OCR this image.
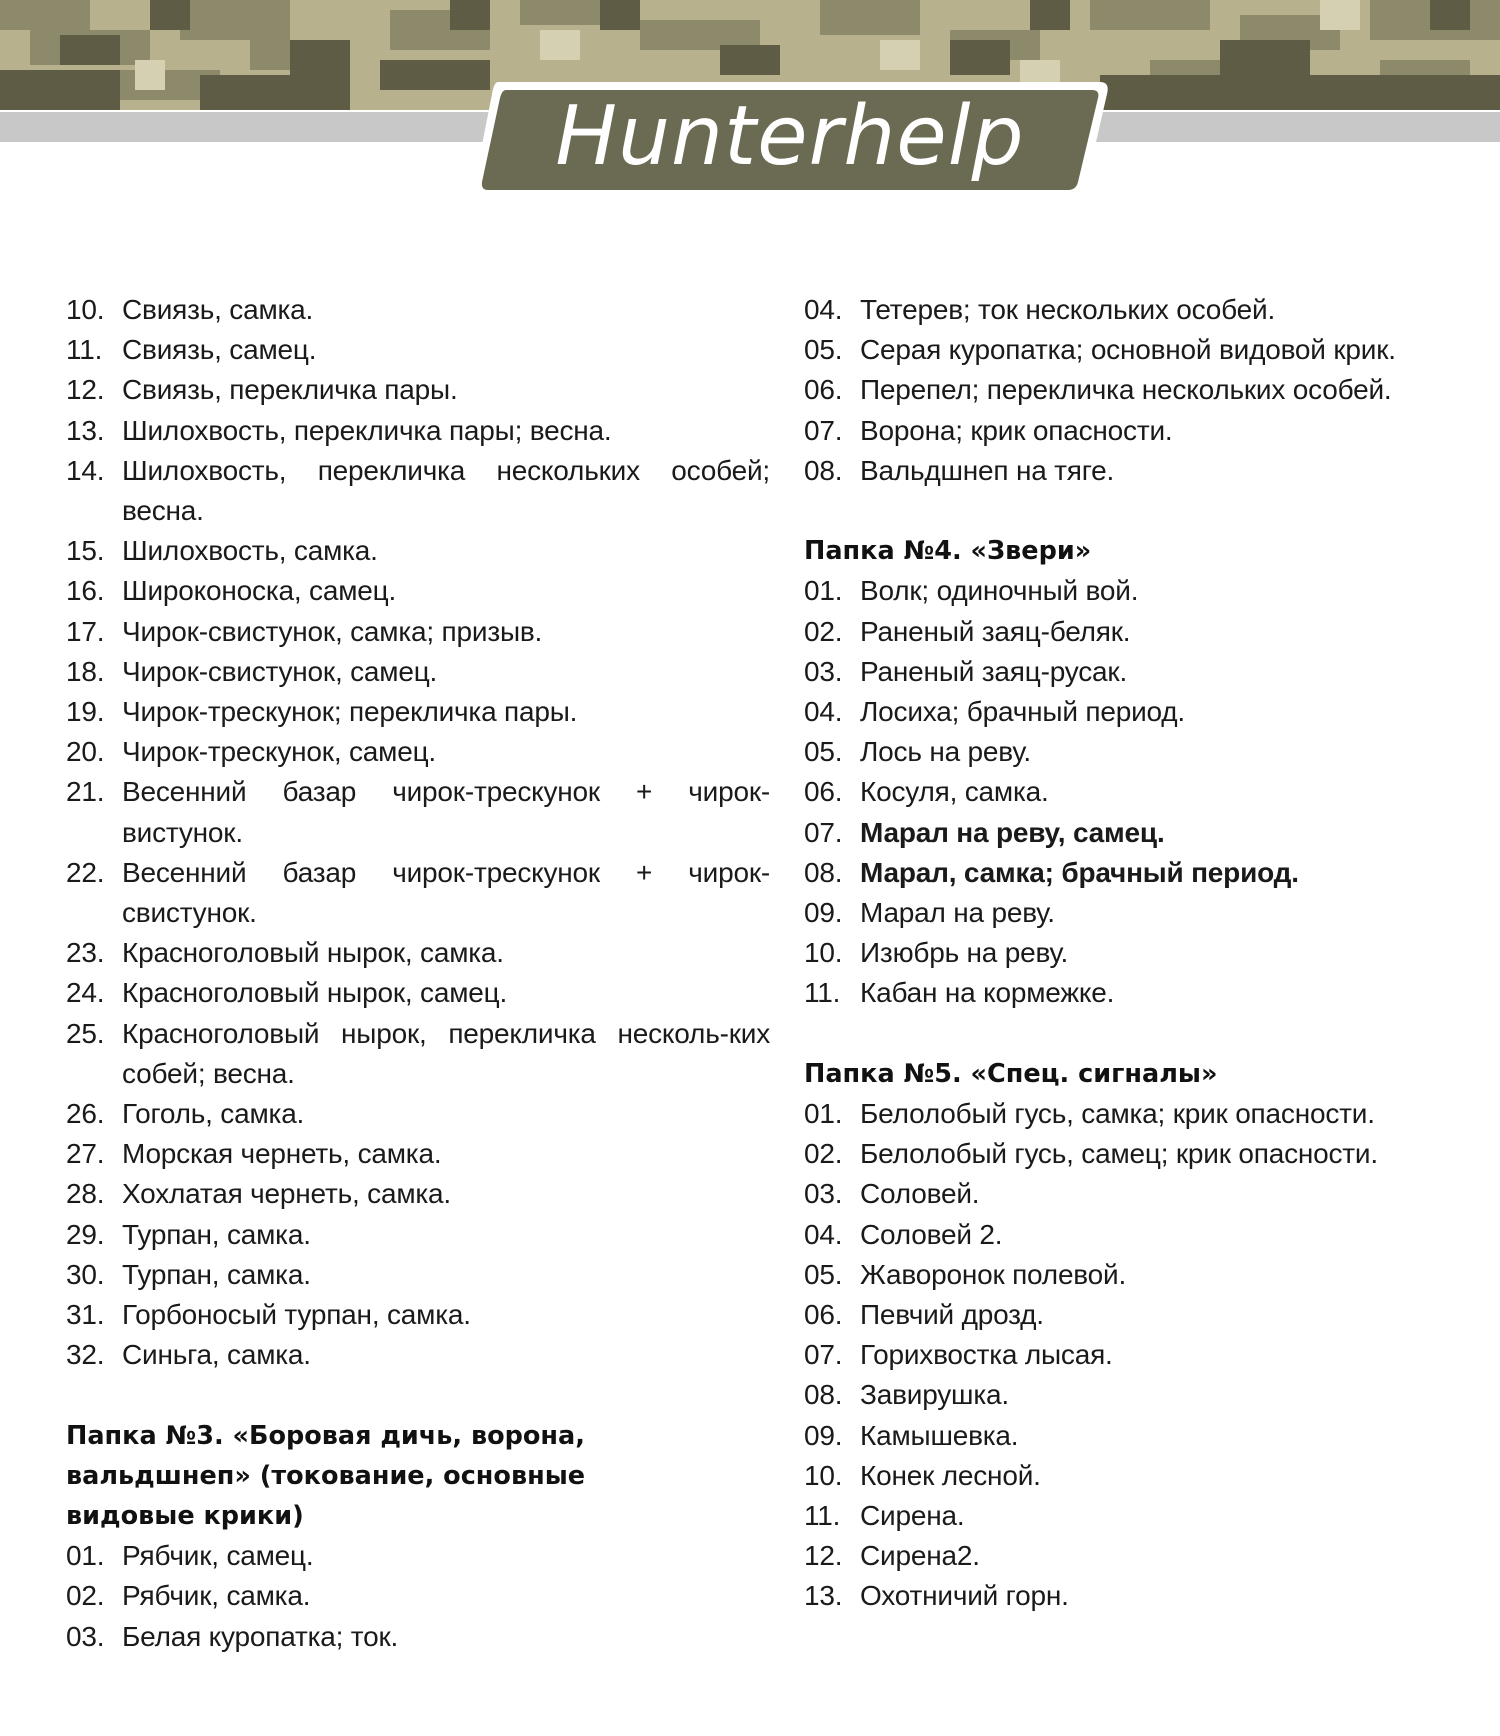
Hunterhelp
10. Свиязь, самка.
11. Свиязь, самец.
12. Свиязь, перекличка пары.
13. Шилохвость, перекличка пары; весна.
14. Шилохвость, перекличка нескольких особей; весна.
15. Шилохвость, самка.
16. Широконоска, самец.
17. Чирок-свистунок, самка; призыв.
18. Чирок-свистунок, самец.
19. Чирок-трескунок; перекличка пары.
20. Чирок-трескунок, самец.
21. Весенний базар чирок-трескунок + чирок-вистунок.
22. Весенний базар чирок-трескунок + чирок-свистунок.
23. Красноголовый нырок, самка.
24. Красноголовый нырок, самец.
25. Красноголовый нырок, перекличка несколь-ких собей; весна.
26. Гоголь, самка.
27. Морская чернеть, самка.
28. Хохлатая чернеть, самка.
29. Турпан, самка.
30. Турпан, самка.
31. Горбоносый турпан, самка.
32. Синьга, самка.
Папка №3. «Боровая дичь, ворона,
вальдшнеп» (токование, основные
видовые крики)
01. Рябчик, самец.
02. Рябчик, самка.
03. Белая куропатка; ток.
04. Тетерев; ток нескольких особей.
05. Серая куропатка; основной видовой крик.
06. Перепел; перекличка нескольких особей.
07. Ворона; крик опасности.
08. Вальдшнеп на тяге.
Папка №4. «Звери»
01. Волк; одиночный вой.
02. Раненый заяц-беляк.
03. Раненый заяц-русак.
04. Лосиха; брачный период.
05. Лось на реву.
06. Косуля, самка.
07. Марал на реву, самец.
08. Марал, самка; брачный период.
09. Марал на реву.
10. Изюбрь на реву.
11. Кабан на кормежке.
Папка №5. «Спец. сигналы»
01. Белолобый гусь, самка; крик опасности.
02. Белолобый гусь, самец; крик опасности.
03. Соловей.
04. Соловей 2.
05. Жаворонок полевой.
06. Певчий дрозд.
07. Горихвостка лысая.
08. Завирушка.
09. Камышевка.
10. Конек лесной.
11. Сирена.
12. Сирена2.
13. Охотничий горн.
